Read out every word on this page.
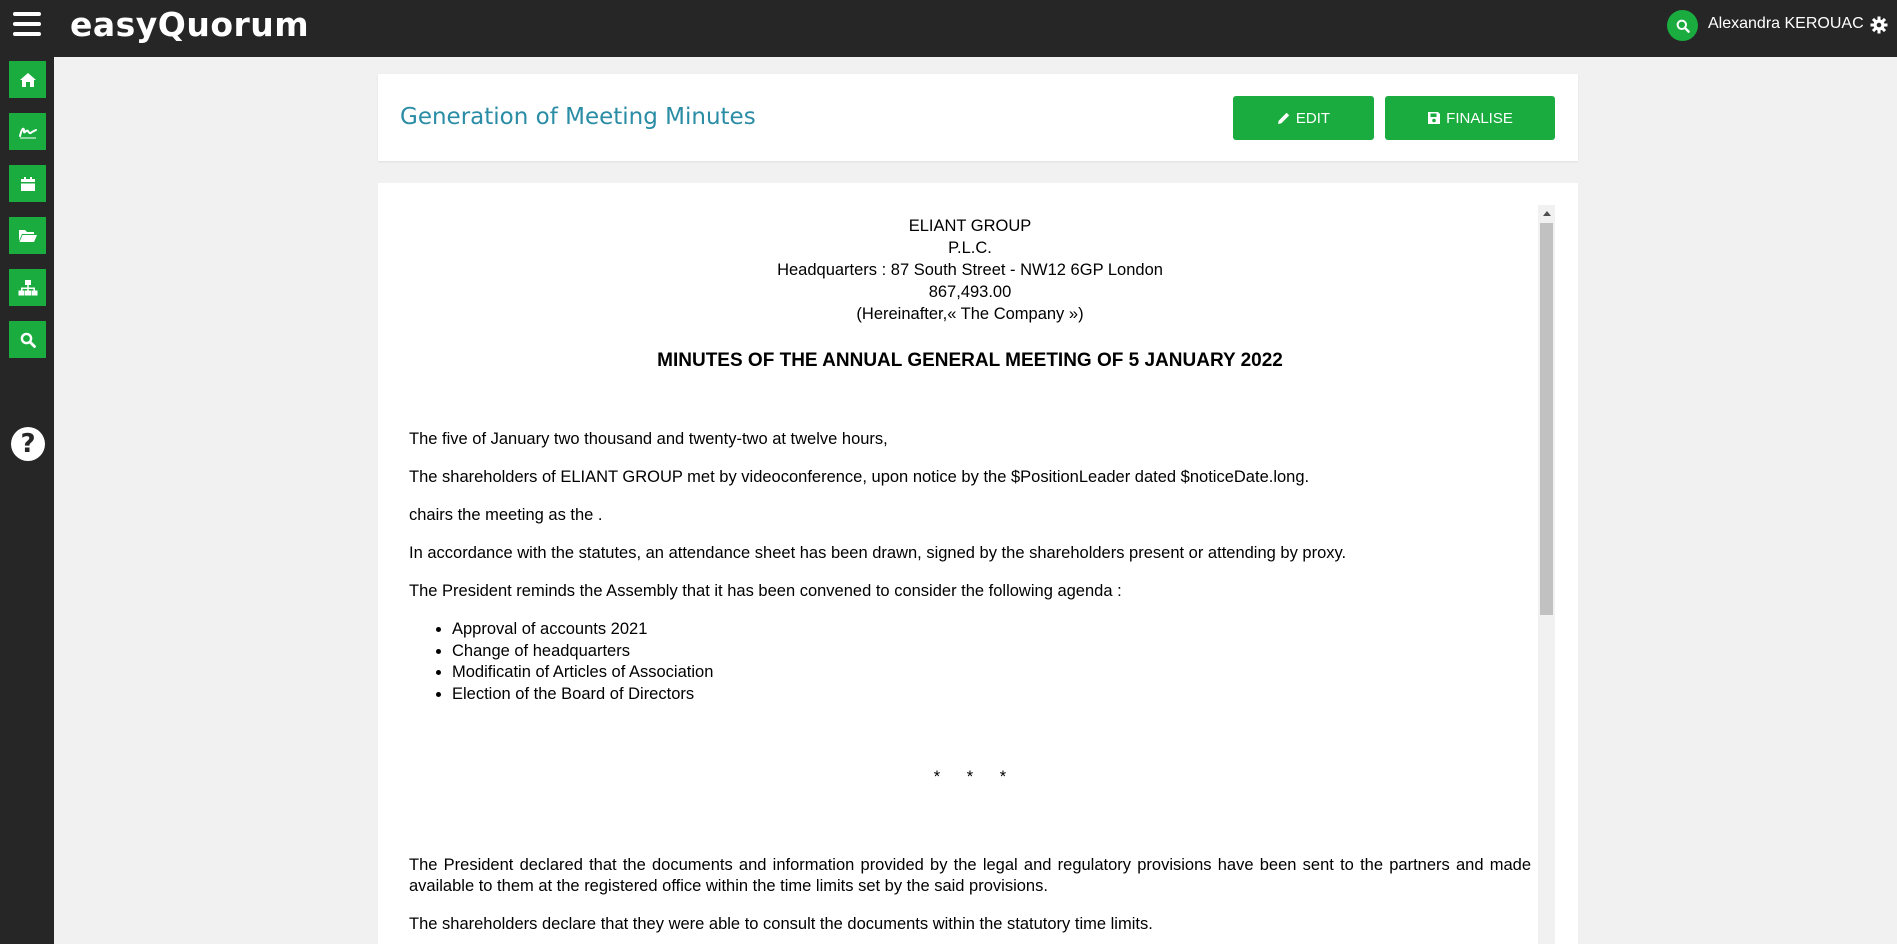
easyQuorum	Alexandra KEROUAC
?
Generation of Meeting Minutes	EDIT	FINALISE
ELIANT GROUP
P.L.C.
Headquarters : 87 South Street - NW12 6GP London
867,493.00
(Hereinafter,« The Company »)
MINUTES OF THE ANNUAL GENERAL MEETING OF 5 JANUARY 2022
The five of January two thousand and twenty-two at twelve hours,
The shareholders of ELIANT GROUP met by videoconference, upon notice by the $PositionLeader dated $noticeDate.long.
chairs the meeting as the .
In accordance with the statutes, an attendance sheet has been drawn, signed by the shareholders present or attending by proxy.
The President reminds the Assembly that it has been convened to consider the following agenda :
• Approval of accounts 2021
• Change of headquarters
• Modificatin of Articles of Association
• Election of the Board of Directors
* * *
The President declared that the documents and information provided by the legal and regulatory provisions have been sent to the partners and made available to them at the registered office within the time limits set by the said provisions.
The shareholders declare that they were able to consult the documents within the statutory time limits.
